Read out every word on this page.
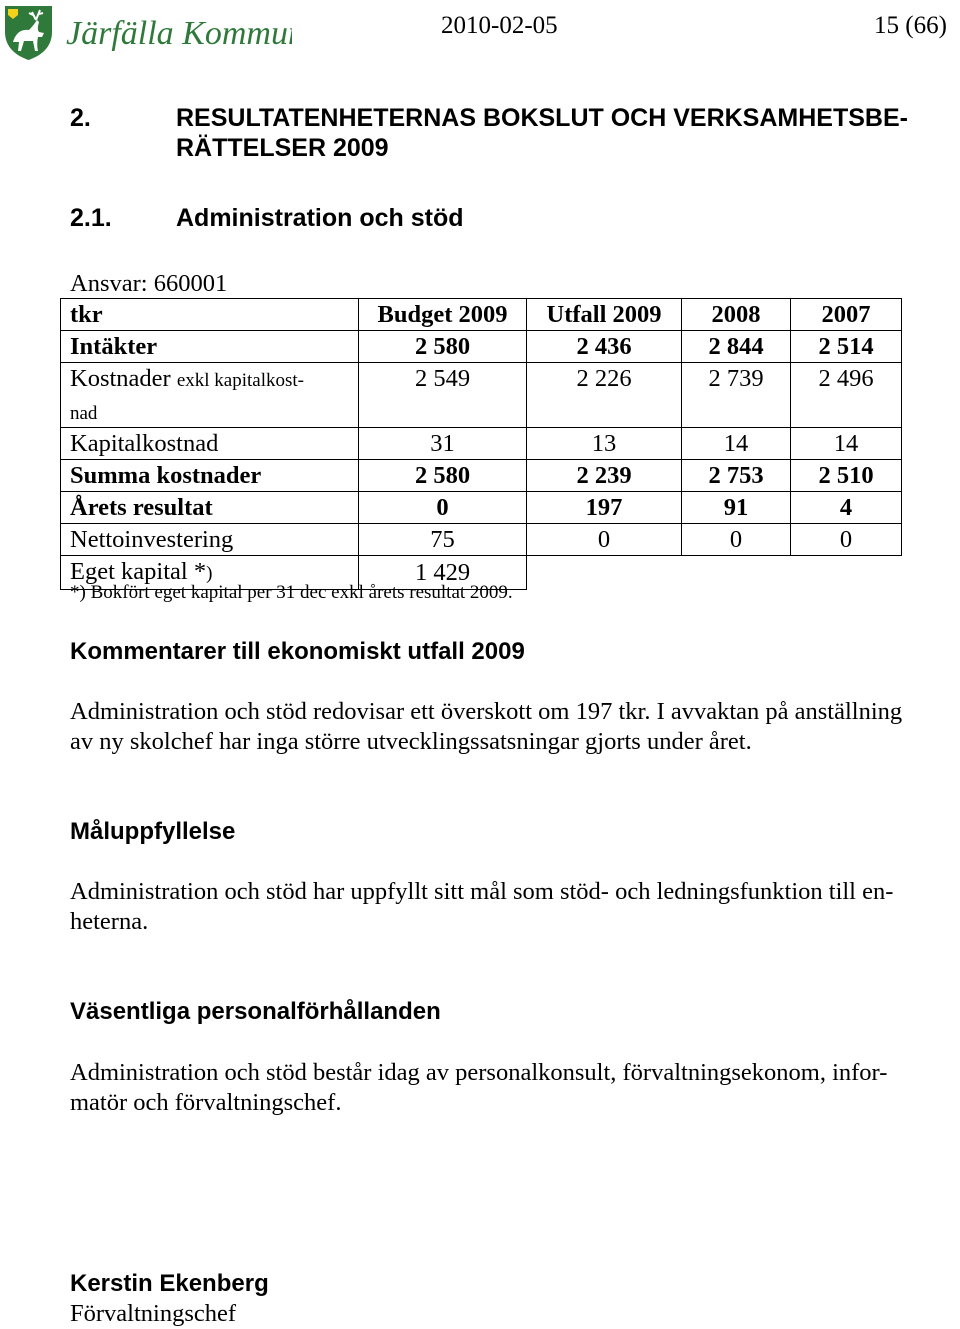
Järfälla Kommun	2010-02-05	15 (66)
2.	RESULTATENHETERNAS BOKSLUT OCH VERKSAMHETSBE-
RÄTTELSER 2009
2.1.	Administration och stöd
Ansvar: 660001
tkr	Budget 2009	Utfall 2009	2008	2007
Intäkter	2 580	2 436	2 844	2 514
Kostnader exkl kapitalkost-
nad	2 549	2 226	2 739	2 496
Kapitalkostnad	31	13	14	14
Summa kostnader	2 580	2 239	2 753	2 510
Årets resultat	0	197	91	4
Nettoinvestering	75	0	0	0
Eget kapital *)	1 429			
*) Bokfört eget kapital per 31 dec exkl årets resultat 2009.
Kommentarer till ekonomiskt utfall 2009
Administration och stöd redovisar ett överskott om 197 tkr. I avvaktan på anställning
av ny skolchef har inga större utvecklingssatsningar gjorts under året.
Måluppfyllelse
Administration och stöd har uppfyllt sitt mål som stöd- och ledningsfunktion till en-
heterna.
Väsentliga personalförhållanden
Administration och stöd består idag av personalkonsult, förvaltningsekonom, infor-
matör och förvaltningschef.
Kerstin Ekenberg
Förvaltningschef
